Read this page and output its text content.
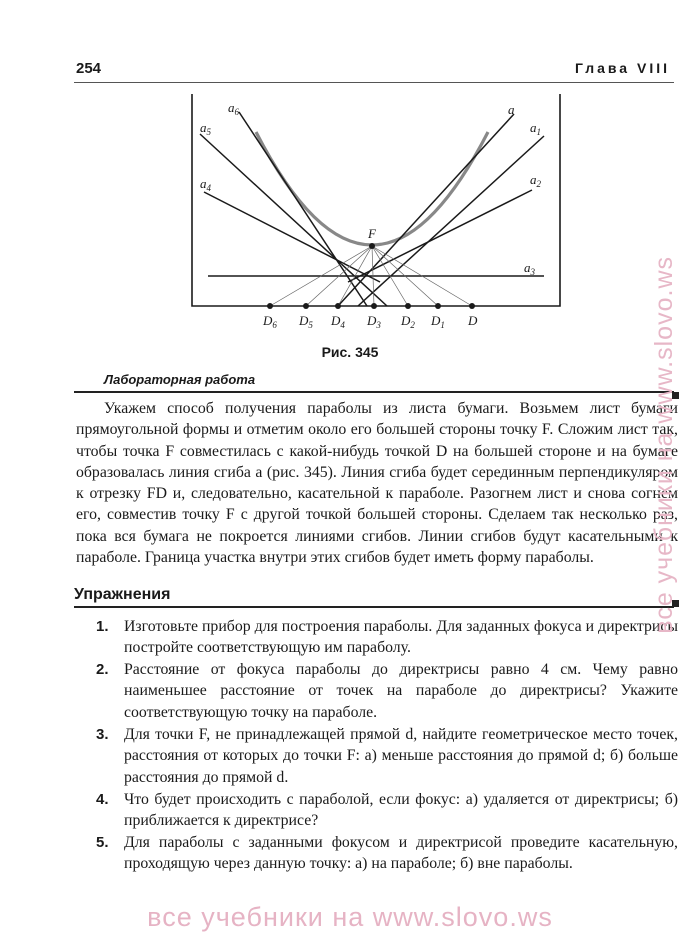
254	Глава VIII
$a_6$
$a_5$
$a_4$
a
$a_1$
$a_2$
$a_3$
F
$D_6$ $D_5$ $D_4$ $D_3$ $D_2$ $D_1$ D
Рис. 345
Лабораторная работа

Укажем способ получения параболы из листа бумаги. Возьмем лист бумаги прямоугольной формы и отметим около его большей стороны точку F. Сложим лист так, чтобы точка F совместилась с какой-нибудь точкой D на большей стороне и на бумаге образовалась линия сгиба a (рис. 345). Линия сгиба будет серединным перпендикуляром к отрезку FD и, следовательно, касательной к параболе. Разогнем лист и снова согнем его, совместив точку F с другой точкой большей стороны. Сделаем так несколько раз, пока вся бумага не покроется линиями сгибов. Линии сгибов будут касательными к параболе. Граница участка внутри этих сгибов будет иметь форму параболы.

Упражнения
1. Изготовьте прибор для построения параболы. Для заданных фокуса и директрисы постройте соответствующую им параболу.
2. Расстояние от фокуса параболы до директрисы равно 4 см. Чему равно наименьшее расстояние от точек на параболе до директрисы? Укажите соответствующую точку на параболе.
3. Для точки F, не принадлежащей прямой d, найдите геометрическое место точек, расстояния от которых до точки F: а) меньше расстояния до прямой d; б) больше расстояния до прямой d.
4. Что будет происходить с параболой, если фокус: а) удаляется от директрисы; б) приближается к директрисе?
5. Для параболы с заданными фокусом и директрисой проведите касательную, проходящую через данную точку: а) на параболе; б) вне параболы.
все учебники на www.slovo.ws
все учебники на www.slovo.ws
